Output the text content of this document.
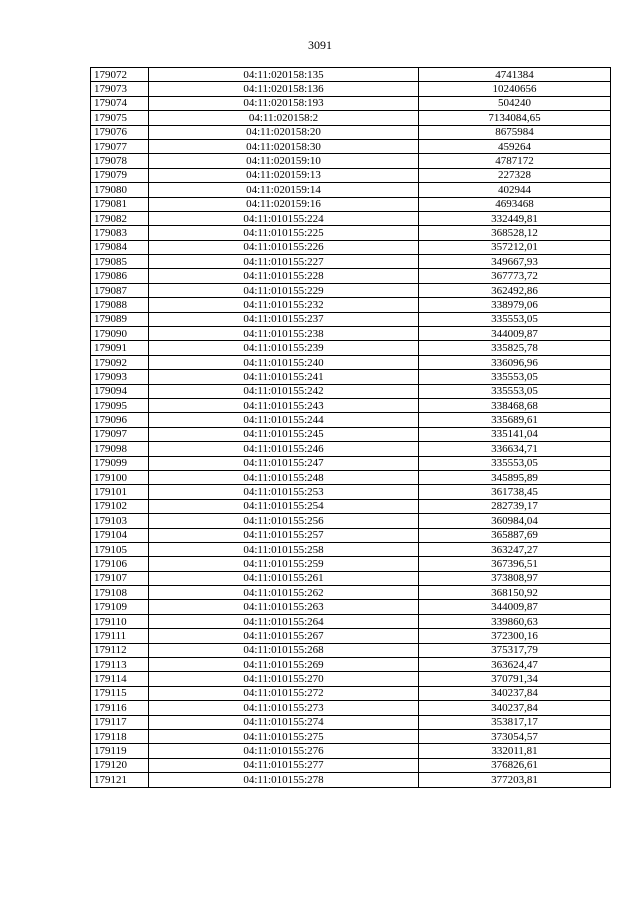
3091
179072	04:11:020158:135	4741384
179073	04:11:020158:136	10240656
179074	04:11:020158:193	504240
179075	04:11:020158:2	7134084,65
179076	04:11:020158:20	8675984
179077	04:11:020158:30	459264
179078	04:11:020159:10	4787172
179079	04:11:020159:13	227328
179080	04:11:020159:14	402944
179081	04:11:020159:16	4693468
179082	04:11:010155:224	332449,81
179083	04:11:010155:225	368528,12
179084	04:11:010155:226	357212,01
179085	04:11:010155:227	349667,93
179086	04:11:010155:228	367773,72
179087	04:11:010155:229	362492,86
179088	04:11:010155:232	338979,06
179089	04:11:010155:237	335553,05
179090	04:11:010155:238	344009,87
179091	04:11:010155:239	335825,78
179092	04:11:010155:240	336096,96
179093	04:11:010155:241	335553,05
179094	04:11:010155:242	335553,05
179095	04:11:010155:243	338468,68
179096	04:11:010155:244	335689,61
179097	04:11:010155:245	335141,04
179098	04:11:010155:246	336634,71
179099	04:11:010155:247	335553,05
179100	04:11:010155:248	345895,89
179101	04:11:010155:253	361738,45
179102	04:11:010155:254	282739,17
179103	04:11:010155:256	360984,04
179104	04:11:010155:257	365887,69
179105	04:11:010155:258	363247,27
179106	04:11:010155:259	367396,51
179107	04:11:010155:261	373808,97
179108	04:11:010155:262	368150,92
179109	04:11:010155:263	344009,87
179110	04:11:010155:264	339860,63
179111	04:11:010155:267	372300,16
179112	04:11:010155:268	375317,79
179113	04:11:010155:269	363624,47
179114	04:11:010155:270	370791,34
179115	04:11:010155:272	340237,84
179116	04:11:010155:273	340237,84
179117	04:11:010155:274	353817,17
179118	04:11:010155:275	373054,57
179119	04:11:010155:276	332011,81
179120	04:11:010155:277	376826,61
179121	04:11:010155:278	377203,81
